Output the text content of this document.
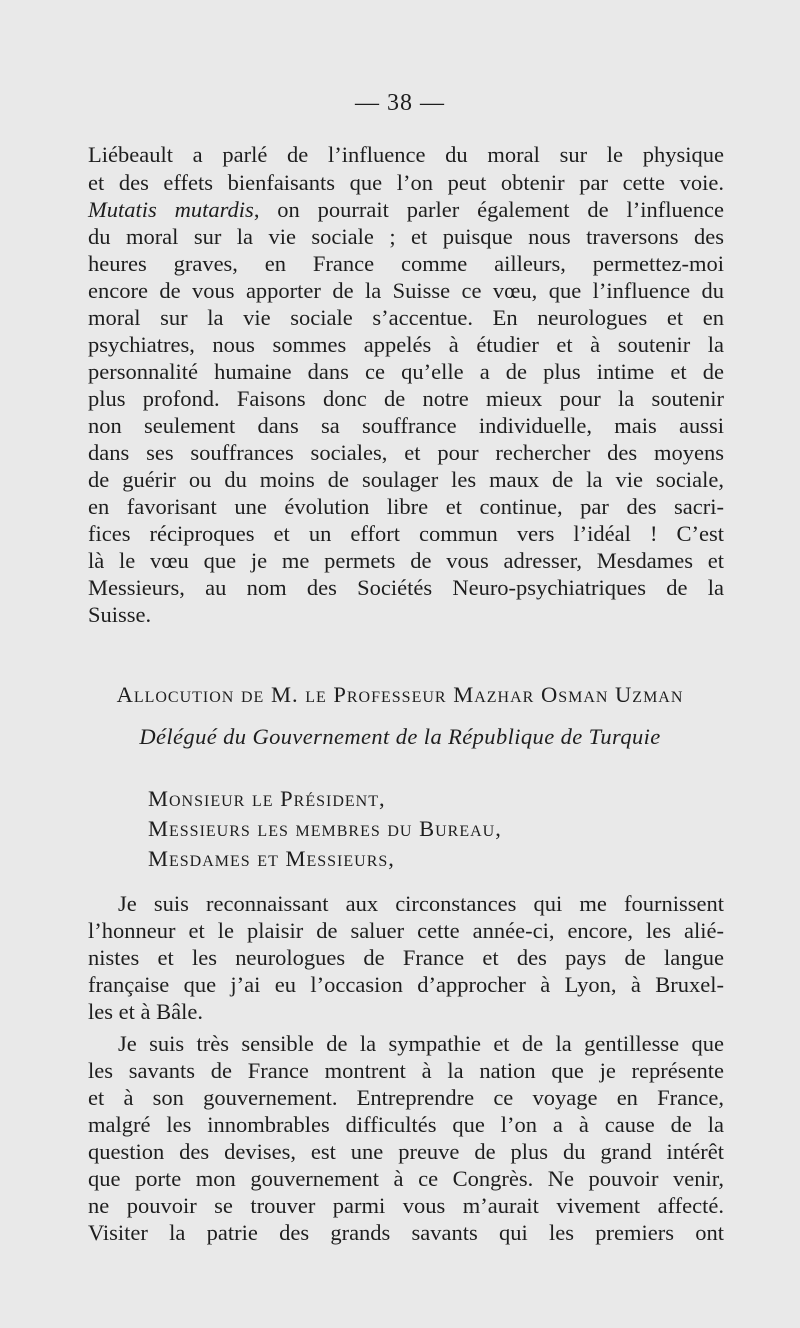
— 38 —
Liébeault a parlé de l’influence du moral sur le physique
et des effets bienfaisants que l’on peut obtenir par cette voie.
Mutatis mutardis, on pourrait parler également de l’influence
du moral sur la vie sociale ; et puisque nous traversons des
heures graves, en France comme ailleurs, permettez-moi
encore de vous apporter de la Suisse ce vœu, que l’influence du
moral sur la vie sociale s’accentue. En neurologues et en
psychiatres, nous sommes appelés à étudier et à soutenir la
personnalité humaine dans ce qu’elle a de plus intime et de
plus profond. Faisons donc de notre mieux pour la soutenir
non seulement dans sa souffrance individuelle, mais aussi
dans ses souffrances sociales, et pour rechercher des moyens
de guérir ou du moins de soulager les maux de la vie sociale,
en favorisant une évolution libre et continue, par des sacri-
fices réciproques et un effort commun vers l’idéal ! C’est
là le vœu que je me permets de vous adresser, Mesdames et
Messieurs, au nom des Sociétés Neuro-psychiatriques de la
Suisse.
Allocution de M. le Professeur Mazhar Osman Uzman
Délégué du Gouvernement de la République de Turquie
Monsieur le Président,
Messieurs les membres du Bureau,
Mesdames et Messieurs,
Je suis reconnaissant aux circonstances qui me fournissent
l’honneur et le plaisir de saluer cette année-ci, encore, les alié-
nistes et les neurologues de France et des pays de langue
française que j’ai eu l’occasion d’approcher à Lyon, à Bruxel-
les et à Bâle.
Je suis très sensible de la sympathie et de la gentillesse que
les savants de France montrent à la nation que je représente
et à son gouvernement. Entreprendre ce voyage en France,
malgré les innombrables difficultés que l’on a à cause de la
question des devises, est une preuve de plus du grand intérêt
que porte mon gouvernement à ce Congrès. Ne pouvoir venir,
ne pouvoir se trouver parmi vous m’aurait vivement affecté.
Visiter la patrie des grands savants qui les premiers ont
